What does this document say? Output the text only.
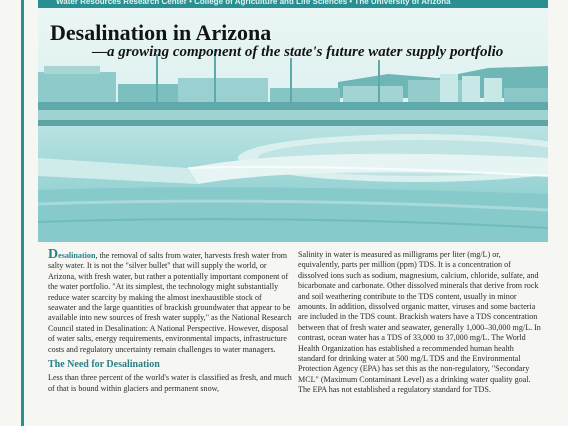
Water Resources Research Center • College of Agriculture and Life Sciences • The University of Arizona
Desalination in Arizona
—a growing component of the state's future water supply portfolio

Desalination, the removal of salts from water, harvests fresh water from salty water. It is not the "silver bullet" that will supply the world, or Arizona, with fresh water, but rather a potentially important component of the water portfolio. "At its simplest, the technology might substantially reduce water scarcity by making the almost inexhaustible stock of seawater and the large quantities of brackish groundwater that appear to be available into new sources of fresh water supply," as the National Research Council stated in Desalination: A National Perspective. However, disposal of water salts, energy requirements, environmental impacts, infrastructure costs and regulatory uncertainty remain challenges to water managers.

The Need for Desalination

Less than three percent of the world's water is classified as fresh, and much of that is bound within glaciers and permanent snow,

Salinity in water is measured as milligrams per liter (mg/L) or, equivalently, parts per million (ppm) TDS. It is a concentration of dissolved ions such as sodium, magnesium, calcium, chloride, sulfate, and bicarbonate and carbonate. Other dissolved minerals that derive from rock and soil weathering contribute to the TDS content, usually in minor amounts. In addition, dissolved organic matter, viruses and some bacteria are included in the TDS count. Brackish waters have a TDS concentration between that of fresh water and seawater, generally 1,000–30,000 mg/L. In contrast, ocean water has a TDS of 33,000 to 37,000 mg/L. The World Health Organization has established a recommended human health standard for drinking water at 500 mg/L TDS and the Environmental Protection Agency (EPA) has set this as the non-regulatory, "Secondary MCL" (Maximum Contaminant Level) as a drinking water quality goal. The EPA has not established a regulatory standard for TDS.
